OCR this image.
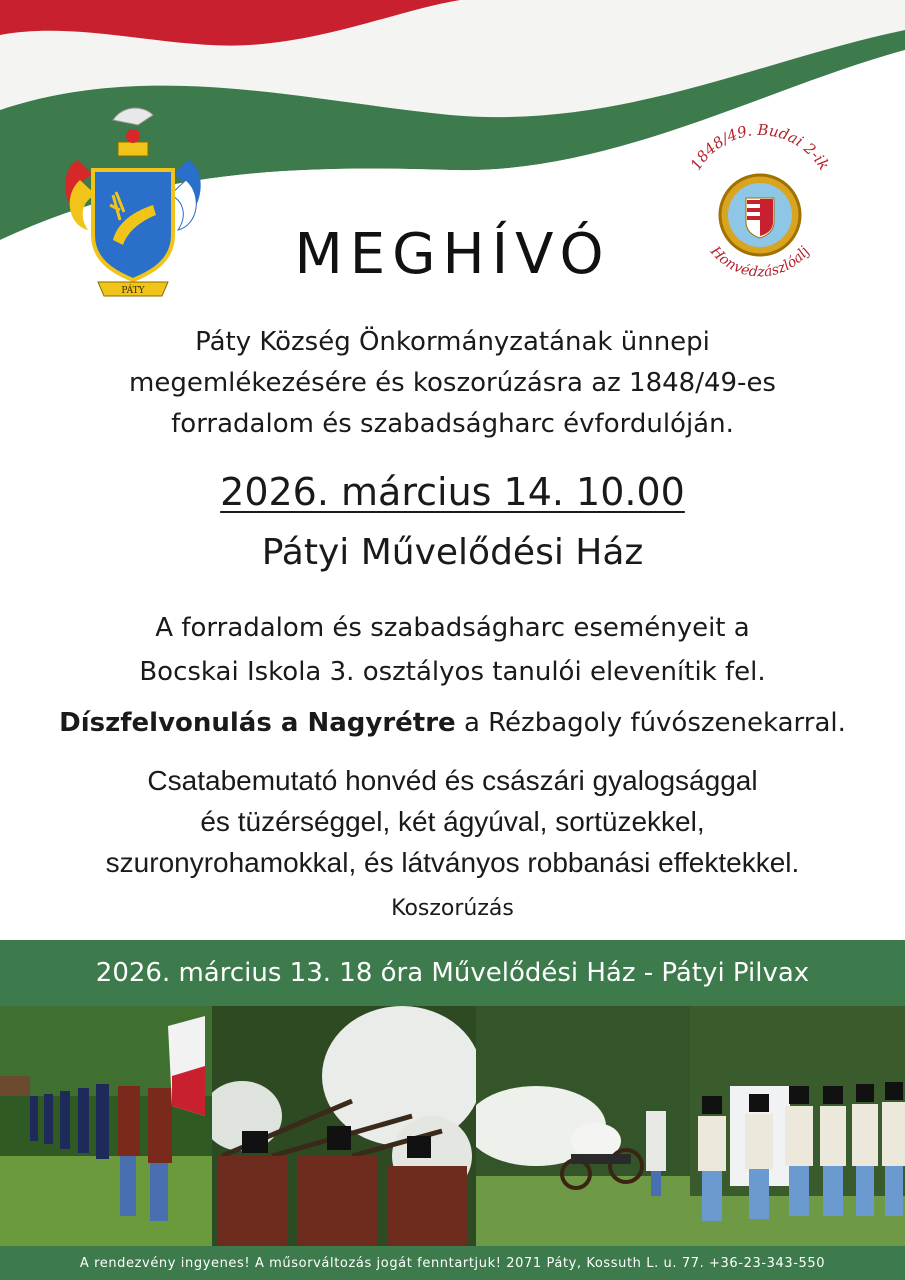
PÁTY
1848/49. Budai 2-ik
Honvédzászlóalj
MEGHÍVÓ
Páty Község Önkormányzatának ünnepi
megemlékezésére és koszorúzásra az 1848/49-es
forradalom és szabadságharc évfordulóján.
2026. március 14. 10.00
Pátyi Művelődési Ház
A forradalom és szabadságharc eseményeit a
Bocskai Iskola 3. osztályos tanulói elevenítik fel.
Díszfelvonulás a Nagyrétre a Rézbagoly fúvószenekarral.
Csatabemutató honvéd és császári gyalogsággal
és tüzérséggel, két ágyúval, sortüzekkel,
szuronyrohamokkal, és látványos robbanási effektekkel.
Koszorúzás
2026. március 13. 18 óra Művelődési Ház - Pátyi Pilvax
A rendezvény ingyenes! A műsorváltozás jogát fenntartjuk! 2071 Páty, Kossuth L. u. 77. +36-23-343-550
